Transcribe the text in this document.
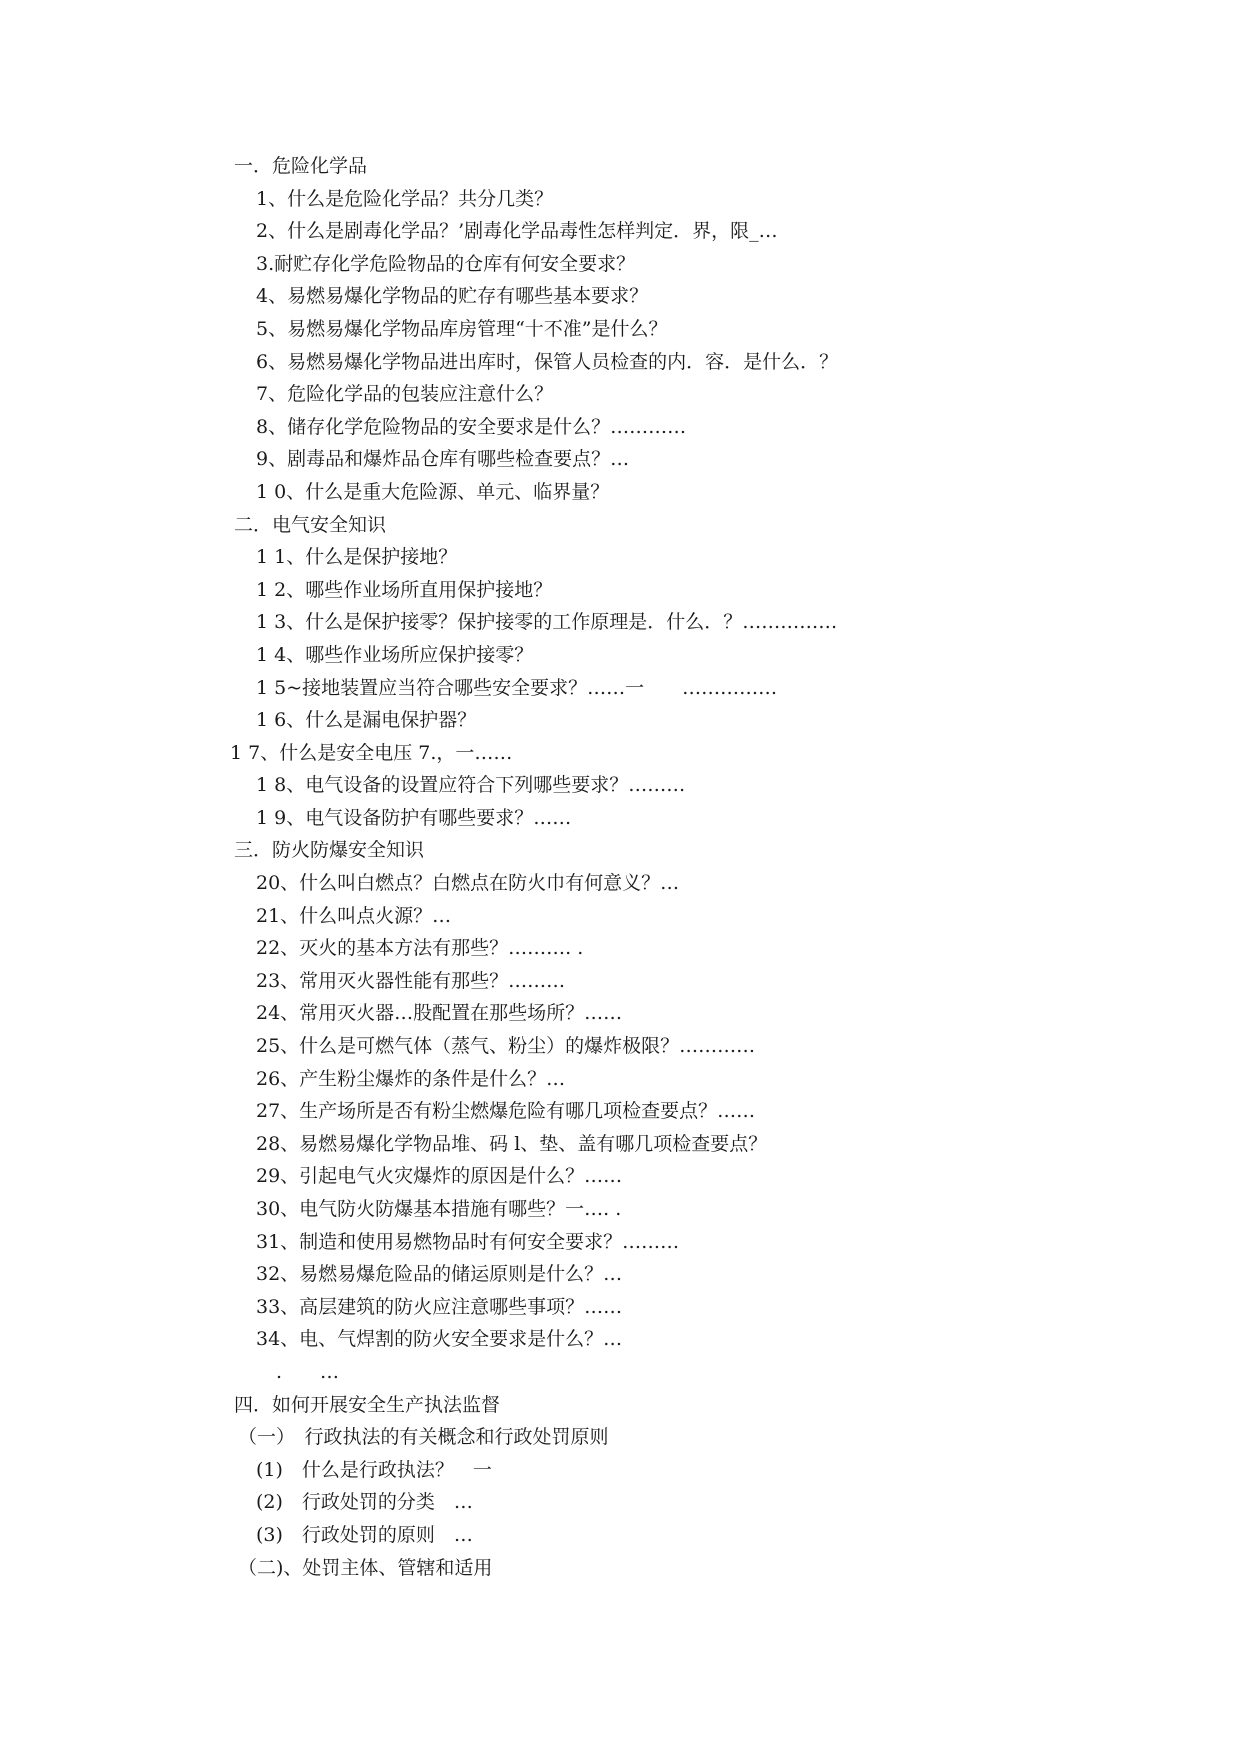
一．危险化学品
1、什么是危险化学品？共分几类？
2、什么是剧毒化学品？’剧毒化学品毒性怎样判定．界，限_…
3.耐贮存化学危险物品的仓库有何安全要求？
4、易燃易爆化学物品的贮存有哪些基本要求？
5、易燃易爆化学物品库房管理“十不准”是什么？
6、易燃易爆化学物品进出库时，保管人员检查的内．容．是什么．？
7、危险化学品的包装应注意什么？
8、储存化学危险物品的安全要求是什么？…………
9、剧毒品和爆炸品仓库有哪些检查要点？…
1 0、什么是重大危险源、单元、临界量？
二．电气安全知识
1 1、什么是保护接地？
1 2、哪些作业场所直用保护接地？
1 3、什么是保护接零？保护接零的工作原理是．什么．？……………
1 4、哪些作业场所应保护接零？
1 5~接地装置应当符合哪些安全要求？……一　　……………
1 6、什么是漏电保护器？
1 7、什么是安全电压 7.，一……
1 8、电气设备的设置应符合下列哪些要求？………
1 9、电气设备防护有哪些要求？……
三．防火防爆安全知识
20、什么叫白燃点？白燃点在防火巾有何意义？…
21、什么叫点火源？…
22、灭火的基本方法有那些？………. .
23、常用灭火器性能有那些？………
24、常用灭火器…股配置在那些场所？……
25、什么是可燃气体（蒸气、粉尘）的爆炸极限？…………
26、产生粉尘爆炸的条件是什么？…
27、生产场所是否有粉尘燃爆危险有哪几项检查要点？……
28、易燃易爆化学物品堆、码 l、垫、盖有哪几项检查要点？
29、引起电气火灾爆炸的原因是什么？……
30、电气防火防爆基本措施有哪些？一…. .
31、制造和使用易燃物品时有何安全要求？………
32、易燃易爆危险品的储运原则是什么？…
33、高层建筑的防火应注意哪些事项？……
34、电、气焊割的防火安全要求是什么？…
.　　…
四．如何开展安全生产执法监督
（一）　行政执法的有关概念和行政处罚原则
(1)　什么是行政执法？　一
(2)　行政处罚的分类　…
(3)　行政处罚的原则　…
（二)、处罚主体、管辖和适用
